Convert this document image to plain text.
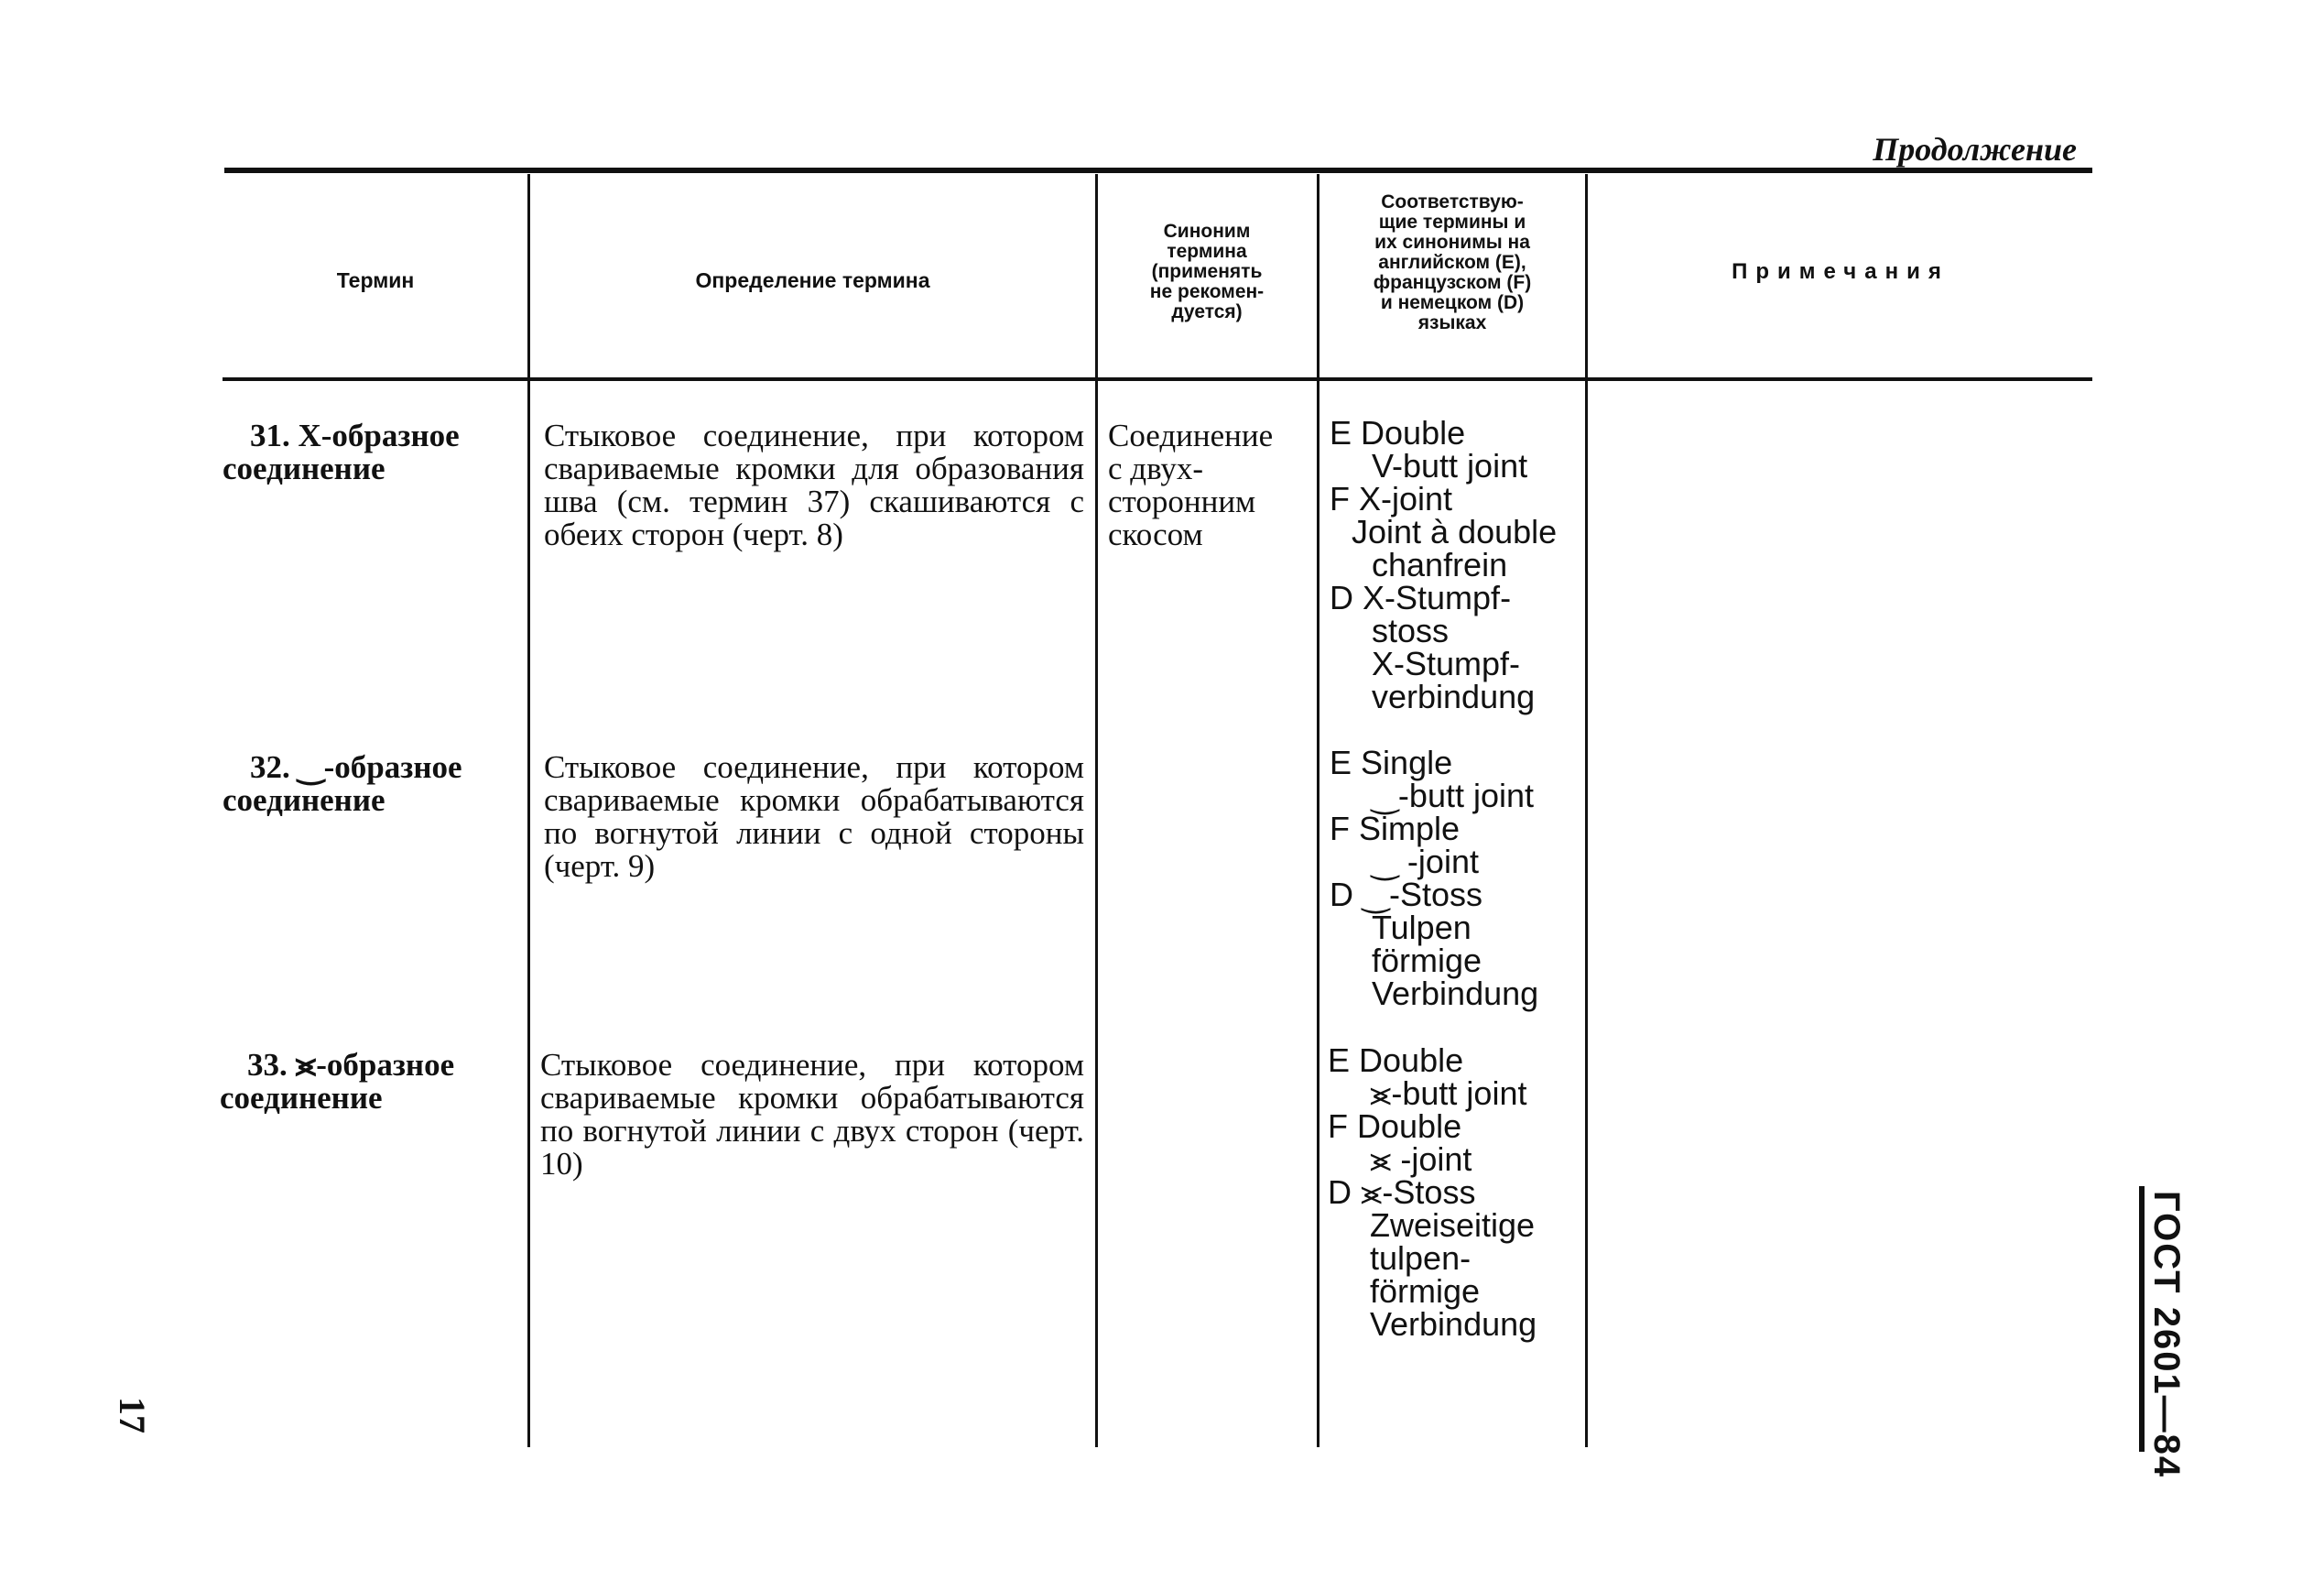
Продолжение
Термин	Определение термина
Синоним
термина
(применять
не рекомен-
дуется)
Соответствую-
щие термины и
их синонимы на
английском (E),
французском (F)
и немецком (D)
языках
Примечания
31. X-образное
соединение
Стыковое соединение, при котором свариваемые кромки для образования шва (см. термин 37) скашиваются с обеих сторон (черт. 8)
Соединение
с двух-
сторонним
скосом
E Double
V-butt joint
F X-joint
Joint à double
chanfrein
D X-Stumpf-
stoss
X-Stumpf-
verbindung
32. ‿-образное
соединение
Стыковое соединение, при котором свариваемые кромки обрабатываются по вогнутой линии с одной стороны (черт. 9)
E Single
‿-butt joint
F Simple
‿ -joint
D ‿-Stoss
Tulpen
förmige
Verbindung
33. ⪤-образное
соединение
Стыковое соединение, при котором свариваемые кромки обрабатываются по вогнутой линии с двух сторон (черт. 10)
E Double
⪤-butt joint
F Double
⪤ -joint
D ⪤-Stoss
Zweiseitige
tulpen-
förmige
Verbindung
17	ГОСТ 2601—84
